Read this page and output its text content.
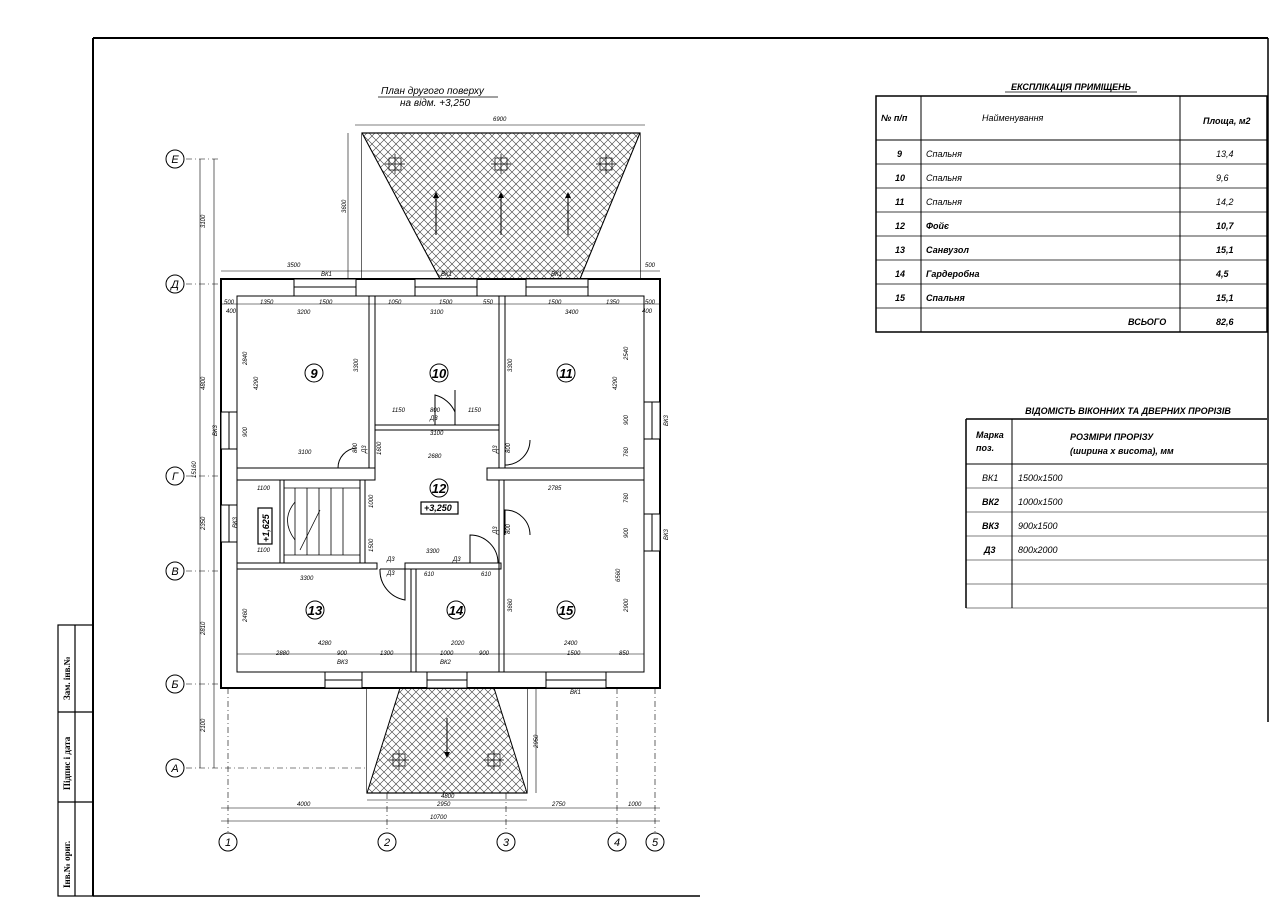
Зам. інв.№
Підпис і дата
Інв.№ ориг.
План другого поверху
на відм. +3,250
Е
Д
Г
В
Б
А
1	2	3	4	5
6900
3600
3100
4800
15160
2350
2810
2100
3500	500
4800
2950
4000	2950	2750	1000
10700
500
400
1350	1500	1050	1500	550	1500	1350	500
400
3200	3100	3400
3300	3300
2840
4290
2540
4290
900
900
760
3100
1150	800	1150
3100
2680
800	1600	800
2785
1100
1100
1000
1500
800	900
760
3300
3300
610	610	6560
2900
3660
2460
4280	2020	2400
2880	900	1300	1000	900	1500	850
ВК1	ВК1	ВК1
ВК3	ВК2
ВК1
ВК3
ВК3
ВК3
ВК3
Д3
Д3	Д3
Д3
Д3	Д3
Д3
9	10	11
12
13	14	15
+3,250
+1,625
ЕКСПЛІКАЦІЯ ПРИМІЩЕНЬ
№ п/п	Найменування	Площа, м2
9	Спальня	13,4
10 Спальня	9,6
11 Спальня	14,2
12 Фойє	10,7
13 Санвузол	15,1
14 Гардеробна	4,5
15 Спальня	15,1
ВСЬОГО	82,6
ВІДОМІСТЬ ВІКОННИХ ТА ДВЕРНИХ ПРОРІЗІВ
Марка
поз.
РОЗМІРИ ПРОРІЗУ
(ширина х висота), мм
ВК1 1500х1500
ВК2 1000х1500
ВК3 900х1500
Д3 800х2000
